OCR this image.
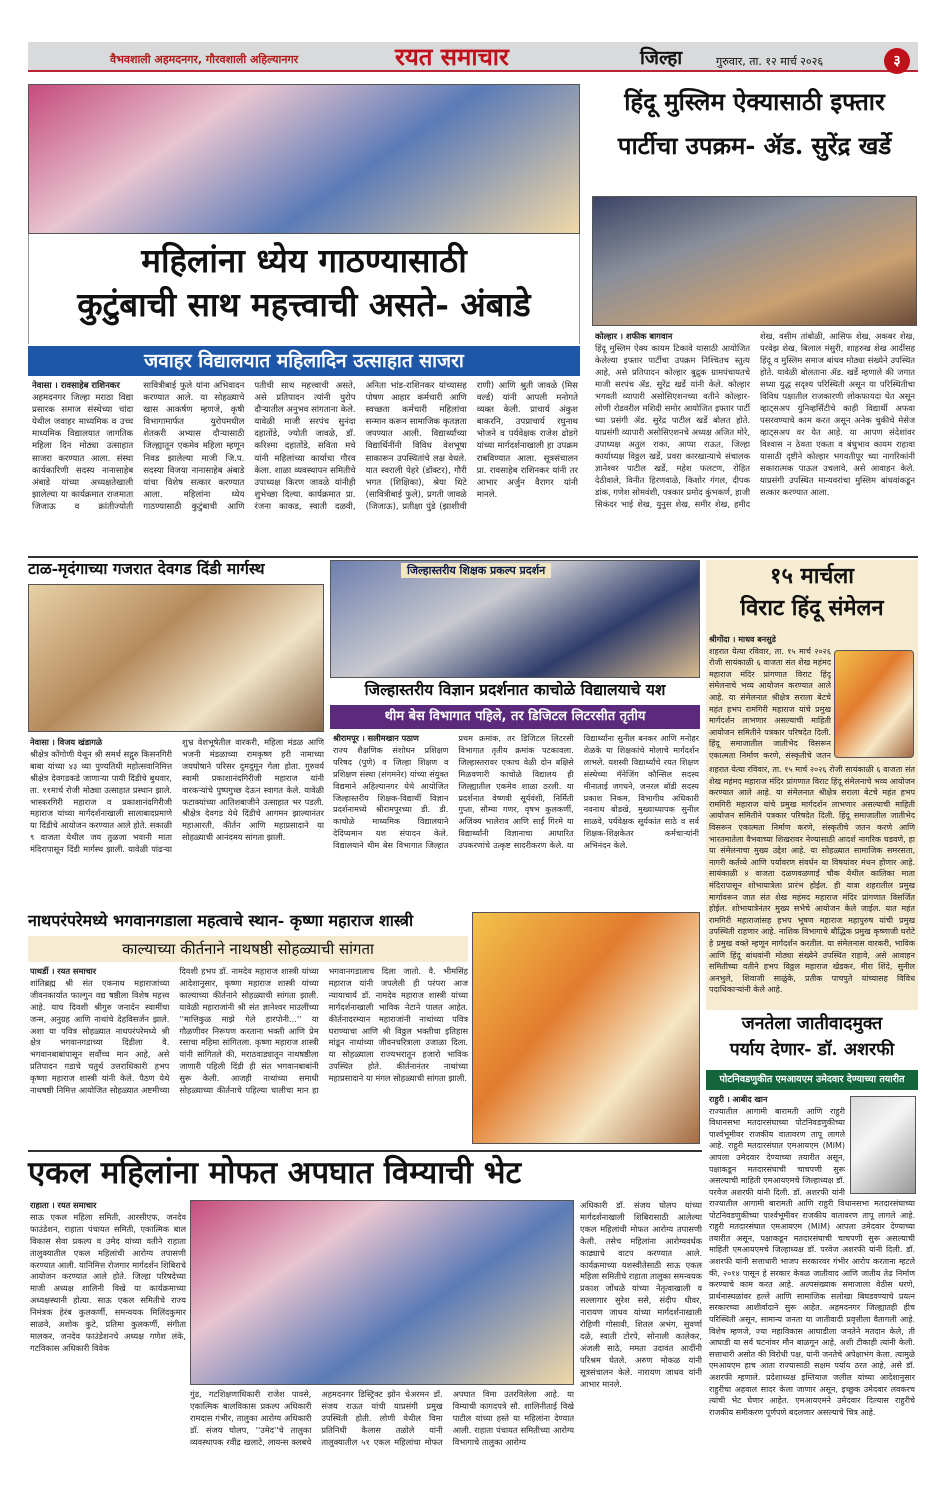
वैभवशाली अहमदनगर, गौरवशाली अहिल्यानगर	रयत समाचार	जिल्हा	गुरुवार, ता. १२ मार्च २०२६	३
महिलांना ध्येय गाठण्यासाठी
कुटुंबाची साथ महत्त्वाची असते- अंबाडे
जवाहर विद्यालयात महिलादिन उत्साहात साजरा
नेवासा । रावसाहेब राशिनकर
अहमदनगर जिल्हा मराठा विद्या प्रसारक समाज संस्थेच्या चांदा येथील जवाहर माध्यमिक व उच्च माध्यमिक विद्यालयात जागतिक महिला दिन मोठ्या उत्साहात साजरा करण्यात आला. संस्था कार्यकारिणी सदस्य नानासाहेब अंबाडे यांच्या अध्यक्षतेखाली झालेल्या या कार्यक्रमात राजमाता जिजाऊ व क्रांतीज्योती सावित्रीबाई फुले यांना अभिवादन करण्यात आले. या सोहळ्याचे खास आकर्षण म्हणजे, कृषी विभागामार्फत युरोपमधील शेतकरी अभ्यास दौऱ्यासाठी जिल्ह्यातून एकमेव महिला म्हणून निवड झालेल्या माजी जि.प. सदस्या विजया नानासाहेब अंबाडे यांचा विशेष सत्कार करण्यात आला. महिलांना ध्येय गाठण्यासाठी कुटुंबाची आणि पतीची साथ महत्त्वाची असते, असे प्रतिपादन त्यांनी युरोप दौऱ्यातील अनुभव सांगताना केले. यावेळी माजी सरपंच सुनंदा दहातोंडे, ज्योती जावळे, डॉ. करिश्मा दहातोंडे, सविता मचे यांनी महिलांच्या कार्याचा गौरव केला. शाळा व्यवस्थापन समितीचे उपाध्यक्ष किरण जावळे यांनीही शुभेच्छा दिल्या. कार्यक्रमात प्रा. रंजना काकड, स्वाती दळवी, अनिता भांड-राशिनकर यांच्यासह पोषण आहार कर्मचारी आणि स्वच्छता कर्मचारी महिलांचा सन्मान करून सामाजिक कृतज्ञता जपण्यात आली. विद्यार्थ्यांच्या विद्यार्थिनींनी विविध वेशभूषा साकारून उपस्थितांचे लक्ष वेधले. यात स्वराली पेहरे (डॉक्टर), गौरी भगत (शिक्षिका), श्रेया थिटे (सावित्रीबाई फुले), प्रगती जावळे (जिजाऊ), प्रतीक्षा पुंडे (झाशीची राणी) आणि श्रुती जावळे (मिस वर्ल्ड) यांनी आपली मनोगते व्यक्त केली. प्राचार्य अंकुश बाकरनि, उपप्राचार्य रघुनाथ भोजने व पर्यवेक्षक राजेश ढोडगे यांच्या मार्गदर्शनाखाली हा उपक्रम राबविण्यात आला. सूत्रसंचालन प्रा. रावसाहेब राशिनकर यांनी तर आभार अर्जुन वैरागर यांनी मानले.
हिंदू मुस्लिम ऐक्यासाठी इफ्तार
पार्टीचा उपक्रम- ॲड. सुरेंद्र खर्डे
कोल्हार । शफीक बागवान
हिंदू मुस्लिम ऐक्य कायम टिकावे यासाठी आयोजित केलेल्या इफ्तार पार्टीचा उपक्रम निश्चितच स्तुत्य आहे, असे प्रतिपादन कोल्हार बुद्रुक ग्रामपंचायतचे माजी सरपंच ॲड. सुरेंद्र खर्डे यांनी केले. कोल्हार भगवती व्यापारी असोसिएशनच्या वतीने कोल्हार-लोणी रोडवरील मशिदी समोर आयोजित इफ्तार पार्टी च्या प्रसंगी ॲड. सुरेंद्र पाटील खर्डे बोलत होते. याप्रसंगी व्यापारी असोसिएशनचे अध्यक्ष अजित मोरे, उपाध्यक्ष अतुल राका, आप्पा राऊत, जिल्हा कार्याध्यक्ष विठ्ठल खर्डे, प्रवरा कारखान्याचे संचालक ज्ञानेश्वर पाटील खर्डे, महेश फलटण, रोहित देठीवाले, विनीत हिरणवाळे, किशोर गंगल, दीपक डांक, गणेश सोमवंशी, पत्रकार प्रमोद कुंभकर्ण, हाजी सिकंदर भाई शेख, युनुस शेख, समीर शेख, हमीद शेख, वसीम तांबोळी, आसिफ शेख, अकबर शेख, परवेझ शेख, बिलाल मंसुरी, शाहरुख शेख आदींसह हिंदू व मुस्लिम समाज बांधव मोठ्या संख्येने उपस्थित होते. यावेळी बोलताना ॲड. खर्डे म्हणाले की जगात सध्या युद्ध सदृश्य परिस्थिती असून या परिस्थितीचा विविध पक्षातील राजकारणी लोकफायदा घेत असून व्हाट्सअप युनिव्हर्सिटीचे काही विद्यार्थी अफवा पसरवण्याचे काम करत असून अनेक चुकीचे मेसेज व्हाट्सअप वर येत आहे. या आपण संदेशांवर विश्वास न ठेवता एकता व बंधुभाव कायम राहावा यासाठी दृष्टीने कोल्हार भगवतीपूर च्या नागरिकांनी सकारात्मक पाऊल उचलावे, असे आवाहन केले. याप्रसंगी उपस्थित मान्यवरांचा मुस्लिम बांधवांकडून सत्कार करण्यात आला.
टाळ-मृदंगाच्या गजरात देवगड दिंडी मार्गस्थ
नेवासा । विजय खंडागळे
श्रीक्षेत्र कोंगोणी येथून श्री समर्थ सद्गुरु किसनगिरी बाबा यांच्या ४३ व्या पुण्यतिथी महोत्सवानिमित्त श्रीक्षेत्र देवगडकडे जाणाऱ्या पायी दिंडीचे बुधवार, ता. ११मार्च रोजी मोठ्या उत्साहात प्रस्थान झाले. भास्करगिरी महाराज व प्रकाशानंदगिरीजी महाराज यांच्या मार्गदर्शनाखाली सालाबादप्रमाणे या दिंडीचे आयोजन करण्यात आले होते. सकाळी ९ वाजता येथील जय तुळजा भवानी माता मंदिरापासून दिंडी मार्गस्थ झाली. यावेळी पांढऱ्या शुभ्र वेशभूषेतील वारकरी, महिला मंडळ आणि भजनी मंडळाच्या रामकृष्ण हरी नामाच्या जयघोषाने परिसर दुमदुमून गेला होता. गुरुवर्य स्वामी प्रकाशानंदगिरीजी महाराज यांनी वारकऱ्यांचे पुष्पगुच्छ देऊन स्वागत केले. यावेळी फटाक्यांच्या आतिशबाजीने उत्साहात भर पडली. श्रीक्षेत्र देवगड येथे दिंडीचे आगमन झाल्यानंतर महाआरती, कीर्तन आणि महाप्रसादाने या सोहळ्याची आनंदमय सांगता झाली.
जिल्हास्तरीय शिक्षक प्रकल्प प्रदर्शन
जिल्हास्तरीय विज्ञान प्रदर्शनात काचोळे विद्यालयाचे यश
थीम बेस विभागात पहिले, तर डिजिटल लिटरसीत तृतीय
श्रीरामपूर । सलीमखान पठाण
राज्य शैक्षणिक संशोधन प्रशिक्षण परिषद (पुणे) व जिल्हा शिक्षण व प्रशिक्षण संस्था (संगमनेर) यांच्या संयुक्त विद्यमाने अहिल्यानगर येथे आयोजित जिल्हास्तरीय शिक्षक-विद्यार्थी विज्ञान प्रदर्शनामध्ये श्रीरामपूरच्या डी. डी. काचोळे माध्यमिक विद्यालयाने देदिप्यमान यश संपादन केले. विद्यालयाने थीम बेस विभागात जिल्हात प्रथम क्रमांक, तर डिजिटल लिटरसी विभागात तृतीय क्रमांक पटकावला. जिल्हास्तरावर एकाच वेळी दोन बक्षिसे मिळवणारी काचोळे विद्यालय ही जिल्ह्यातील एकमेव शाळा ठरली. या प्रदर्शनात वेष्णवी सूर्यवंशी, निर्मिती गुप्ता, सौम्या गणर, वृषभ कुलकर्णी, अजिंक्य भालेराव आणि सार्ई गिरमे या विद्यार्थ्यांनी विज्ञानाचा आधारित उपकरणांचे उत्कृष्ट सादरीकरण केले. या विद्यार्थ्यांना सुनील बनकर आणि मनोहर शेळके या शिक्षकांचे मोलाचे मार्गदर्शन लाभले. यशस्वी विद्यार्थ्यांचे रयत शिक्षण संस्थेच्या मॅनेजिंग कौन्सिल सदस्य मीनाताई जगधने, जनरल बॉडी सदस्य प्रकाश निकम, विभागीय अधिकारी नवनाथ बोडखे, मुख्याध्यापक सुनील साळवे, पर्यवेक्षक सूर्यकांत साठे व सर्व शिक्षक-शिक्षकेतर कर्मचाऱ्यांनी अभिनंदन केले.
१५ मार्चला
विराट हिंदू संमेलन
श्रीगोंदा । माधव बनसुडे
शहरात येत्या रविवार, ता. १५ मार्च २०२६ रोजी सायंकाळी ६ वाजता संत शेख महंमद महाराज मंदिर प्रांगणात विराट हिंदू संमेलनाचे भव्य आयोजन करण्यात आले आहे. या संमेलनात श्रीक्षेत्र सराला बेटचे महंत हभप रामगिरी महाराज यांचे प्रमुख मार्गदर्शन लाभणार असल्याची माहिती आयोजन समितीने पत्रकार परिषदेत दिली. हिंदू समाजातील जातीभेद विसरून एकात्मता निर्माण करणे, संस्कृतीचे जतन
शहरात येत्या रविवार, ता. १५ मार्च २०२६ रोजी सायंकाळी ६ वाजता संत शेख महंमद महाराज मंदिर प्रांगणात विराट हिंदू संमेलनाचे भव्य आयोजन करण्यात आले आहे. या संमेलनात श्रीक्षेत्र सराला बेटचे महंत हभप रामगिरी महाराज यांचे प्रमुख मार्गदर्शन लाभणार असल्याची माहिती आयोजन समितीने पत्रकार परिषदेत दिली. हिंदू समाजातील जातीभेद विसरून एकात्मता निर्माण करणे, संस्कृतीचे जतन करणे आणि भारतमातेला वैभवाच्या शिखरावर नेण्यासाठी आदर्श नागरिक घडवणे, हा या संमेलनाचा मुख्य उद्देश आहे. या सोहळ्यात सामाजिक समरसता, नागरी कर्तव्ये आणि पर्यावरण संवर्धन या विषयांवर मंथन होणार आहे. सायंकाळी ४ वाजता दळणवळणाई चौक येथील कालिका माता मंदिरापासून शोभायात्रेला प्रारंभ होईल. ही यात्रा शहरातील प्रमुख मार्गावरून जात संत शेख महंमद महाराज मंदिर प्रांगणात विसर्जित होईल. शोभायात्रेनंतर मुख्य सभेचे आयोजन केले जाईल. यात महंत रामगिरी महाराजांसह हभप भूषण महाराज महापुरुष यांची प्रमुख उपस्थिती राहणार आहे. नाशिक विभागाचे बौद्धिक प्रमुख कृष्णाजी घरोटे हे प्रमुख वक्ते म्हणून मार्गदर्शन करतील. या संमेलनास वारकरी, भाविक आणि हिंदू बांधवांनी मोठ्या संख्येने उपस्थित राहावे, असे आवाहन समितीच्या वतीने हभप विठ्ठल महाराज खेडकर, मीरा शिंदे, सुनील अनभुले, शिवाजी साळुंके, प्रतीक पाचपुते यांच्यासह विविध पदाधिकाऱ्यांनी केले आहे.
जनतेला जातीवादमुक्त
पर्याय देणार- डॉ. अशरफी
पोटनिवडणुकीत एमआयएम उमेदवार देण्याच्या तयारीत
राहुरी । आबीद खान
राज्यातील आगामी बारामती आणि राहुरी विधानसभा मतदारसंघाच्या पोटनिवडणुकीच्या पार्श्वभूमीवर राजकीय वातावरण तापू लागले आहे. राहुरी मतदारसंघात एमआयएम (MIM) आपला उमेदवार देण्याच्या तयारीत असून, पक्षाकडून मतदारसंघाची चाचपणी सुरू असल्याची माहिती एमआयएमचे जिल्हाध्यक्ष डॉ. परवेज अशरफी यांनी दिली. डॉ. अशरफी यांनी
नाथपरंपरेमध्ये भगवानगडाला महत्वाचे स्थान- कृष्णा महाराज शास्त्री
काल्याच्या कीर्तनाने नाथषष्ठी सोहळ्याची सांगता
पाथर्डी । रयत समाचार
शांतिब्रह्म श्री संत एकनाथ महाराजांच्या जीवनकार्यात फाल्गुन वद्य षष्ठीला विशेष महत्त्व आहे. याच दिवशी श्रीगुरु जनार्दन स्वामींचा जन्म, अनुग्रह आणि नाथांचे देहविसर्जन झाले. अशा या पवित्र सोहळ्यात नाथपरंपरेमध्ये श्री क्षेत्र भगवानगडाच्या दिंडीला वै. भगवानबाबांपासून सर्वोच्च मान आहे, असे प्रतिपादन गडाचे चतुर्थ उत्तराधिकारी हभप कृष्णा महाराज शास्त्री यांनी केले. पैठण येथे नाथषष्ठी निमित्त आयोजित सोहळ्यात अष्टमीच्या दिवशी हभप डॉ. नामदेव महाराज शास्त्री यांच्या आदेशानुसार, कृष्णा महाराज शास्त्री यांच्या काल्याच्या कीर्तनाने सोहळ्याची सांगता झाली. यावेळी महाराजांनी श्री संत ज्ञानेश्वर माउलींच्या ''मात्तिकुळ माझे गेले हारपोनी...'' या गौळणीवर निरूपण करताना भक्ती आणि प्रेम रसाचा महिमा सांगितला. कृष्णा महाराज शास्त्री यांनी सांगितले की, मराठवाड्यातून नाथषष्ठीला जाणारी पहिली दिंडी ही संत भगवानबाबांनी सुरू केली. आजही नाथांच्या समाधी सोहळ्याच्या कीर्तनाचे पहिल्या चालीचा मान हा भगवानगडालाच दिला जातो. वै. भीमसिंह महाराज यांनी जपलेली ही परंपरा आज न्यायाचार्य डॉ. नामदेव महाराज शास्त्री यांच्या मार्गदर्शनाखाली भाविक नेटाने पालत आहेत. कीर्तनादरम्यान महाराजांनी नाथांच्या पवित्र घराण्याचा आणि श्री विठ्ठल भक्तीचा इतिहास मांडून नाथांच्या जीवनचरित्राला उजाळा दिला. या सोहळ्याला राज्यभरातून हजारो भाविक उपस्थित होते. कीर्तनानंतर नाथांच्या महाप्रसादाने या मंगल सोहळ्याची सांगता झाली.
एकल महिलांना मोफत अपघात विम्याची भेट
राहाता । रयत समाचार
साऊ एकल महिला समिती, आरसीएफ, जनदेव फाउंडेशन, राहाता पंचायत समिती, एकात्मिक बाल विकास सेवा प्रकल्प व उमेद यांच्या वतीने राहाता तालुक्यातील एकल महिलांची आरोग्य तपासणी करण्यात आली. यानिमित्त रोजगार मार्गदर्शन शिबिराचे आयोजन करण्यात आले होते. जिल्हा परिषदेच्या माजी अध्यक्ष शालिनी विखे या कार्यक्रमाच्या अध्यक्षस्थानी होत्या. साऊ एकल समितीचे राज्य निमंत्रक हेरंब कुलकर्णी, समन्वयक मिलिंदकुमार साळवे, अशोक कुटे, प्रतिमा कुलकर्णी, संगीता मालकर, जनदेव फाउंडेशनचे अध्यक्ष गणेश लंके, गटविकास अधिकारी विवेक
गुंड, गटशिक्षणाधिकारी राजेश पावसे, एकात्मिक बालविकास प्रकल्प अधिकारी रामदास गंभीर, तालुका आरोग्य अधिकारी डॉ. संजय घोलप, ''उमेद''चे तालुका व्यवस्थापक रवींद्र खलाटे, लायन्स क्लबचे अहमदनगर डिस्ट्रिक्ट झोन चेअरमन डॉ. संजय राऊत यांची याप्रसंगी प्रमुख उपस्थिती होती. लोणी येथील विमा प्रतिनिधी कैलास तळोले यांनी तालुक्यातील ५१ एकल महिलांचा मोफत अपघात विमा उतरविलेला आहे. या विम्याची कागदपत्रे सौ. शालिनीताई विखे पाटील यांच्या हस्ते या महिलांना देण्यात आली. राहाता पंचायत समितीच्या आरोग्य विभागाचे तालुका आरोग्य
अधिकारी डॉ. संजय घोलप यांच्या मार्गदर्शनाखाली शिबिरासाठी आलेल्या एकल महिलांची मोफत आरोग्य तपासणी केली. तसेच महिलांना आरोग्यवर्धक काढ्याचे वाटप करण्यात आले. कार्यक्रमाच्या यशस्वीतेसाठी साऊ एकल महिला समितीचे राहाता तालुका समन्वयक प्रकाश जोंधळे यांच्या नेतृत्वाखाली व सल्लागार सुरेश ससे, संदीप धीवर, नारायण जाधव यांच्या मार्गदर्शनाखाली रोहिणी गोसावी, शितल अभंग, सुवर्णा दळे, स्वाती टोरपे, सोनाली कालेकर, अंजली साठे, ममता उदावंत आदींनी परिश्रम घेतले. अरुण मोकळ यांनी सूत्रसंचालन केले. नारायण जाधव यांनी आभार मानले.
राज्यातील आगामी बारामती आणि राहुरी विधानसभा मतदारसंघाच्या पोटनिवडणुकीच्या पार्श्वभूमीवर राजकीय वातावरण तापू लागले आहे. राहुरी मतदारसंघात एमआयएम (MIM) आपला उमेदवार देण्याच्या तयारीत असून, पक्षाकडून मतदारसंघाची चाचपणी सुरू असल्याची माहिती एमआयएमचे जिल्हाध्यक्ष डॉ. परवेज अशरफी यांनी दिली. डॉ. अशरफी यांनी सत्ताधारी भाजप सरकारवर गंभीर आरोप करताना म्हटले की, २०१४ पासून हे सरकार केवळ जातीवाद आणि जातीय तेढ निर्माण करण्याचे काम करत आहे. अल्पसंख्याक समाजाला वेठीस धरणे, प्रार्थनास्थळांवर हल्ले आणि सामाजिक सलोखा बिघडवण्याचे प्रयत्न सरकारच्या आशीर्वादाने सुरू आहेत. अहमदनगर जिल्ह्यातही हीच परिस्थिती असून, सामान्य जनता या जातीवादी प्रवृत्तीला वैतागली आहे. विशेष म्हणजे, ज्या महाविकास आघाडीला जनतेने मतदान केले, ती आघाडी या सर्व घटनांवर मौन बाळगून आहे, अशी टीकाही त्यांनी केली. सत्ताधारी असोत की विरोधी पक्ष, यांनी जनतेचे अपेक्षाभंग केला. त्यामुळे एमआयएम हाच आता राज्यासाठी सक्षम पर्याय ठरत आहे, असे डॉ. अशरफी म्हणाले. प्रदेशाध्यक्ष इम्तियाज जलील यांच्या आदेशानुसार राहुरीचा अहवाल सादर केला जाणार असून, इच्छुक उमेदवार लवकरच त्यांची भेट घेणार आहेत. एमआयएमने उमेदवार दिल्यास राहुरीचे राजकीय समीकरण पूर्णपणे बदलणार असल्याचे चित्र आहे.
